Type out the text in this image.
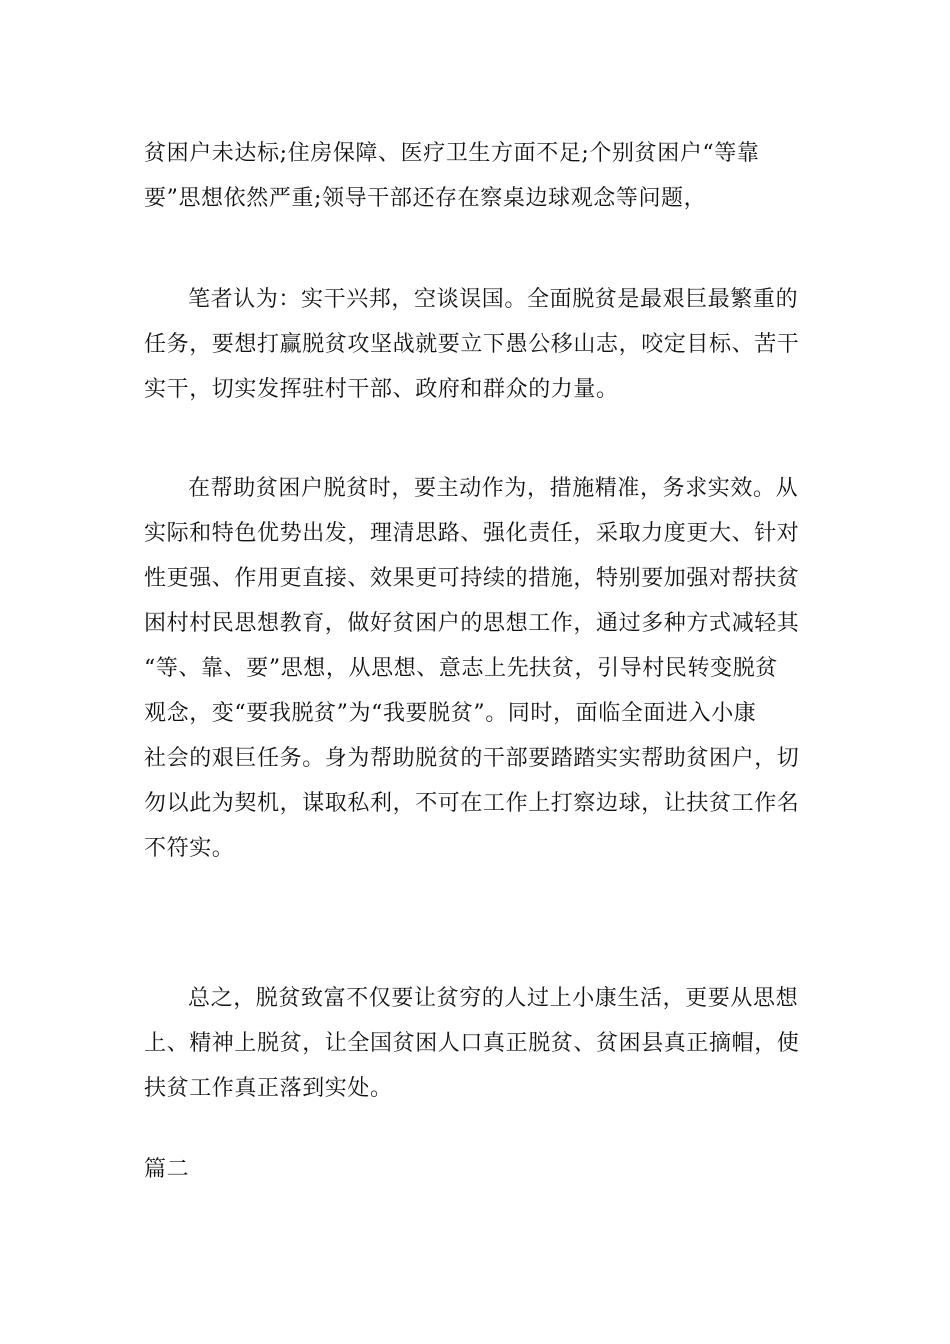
贫困户未达标;住房保障、医疗卫生方面不足;个别贫困户“等靠
要”思想依然严重;领导干部还存在察桌边球观念等问题，

笔者认为：实干兴邦，空谈误国。全面脱贫是最艰巨最繁重的
任务，要想打赢脱贫攻坚战就要立下愚公移山志，咬定目标、苦干
实干，切实发挥驻村干部、政府和群众的力量。

在帮助贫困户脱贫时，要主动作为，措施精准，务求实效。从
实际和特色优势出发，理清思路、强化责任，采取力度更大、针对
性更强、作用更直接、效果更可持续的措施，特别要加强对帮扶贫
困村村民思想教育，做好贫困户的思想工作，通过多种方式减轻其
“等、靠、要”思想，从思想、意志上先扶贫，引导村民转变脱贫
观念，变“要我脱贫”为“我要脱贫”。同时，面临全面进入小康
社会的艰巨任务。身为帮助脱贫的干部要踏踏实实帮助贫困户，切
勿以此为契机，谋取私利，不可在工作上打察边球，让扶贫工作名
不符实。

总之，脱贫致富不仅要让贫穷的人过上小康生活，更要从思想
上、精神上脱贫，让全国贫困人口真正脱贫、贫困县真正摘帽，使
扶贫工作真正落到实处。

篇二
